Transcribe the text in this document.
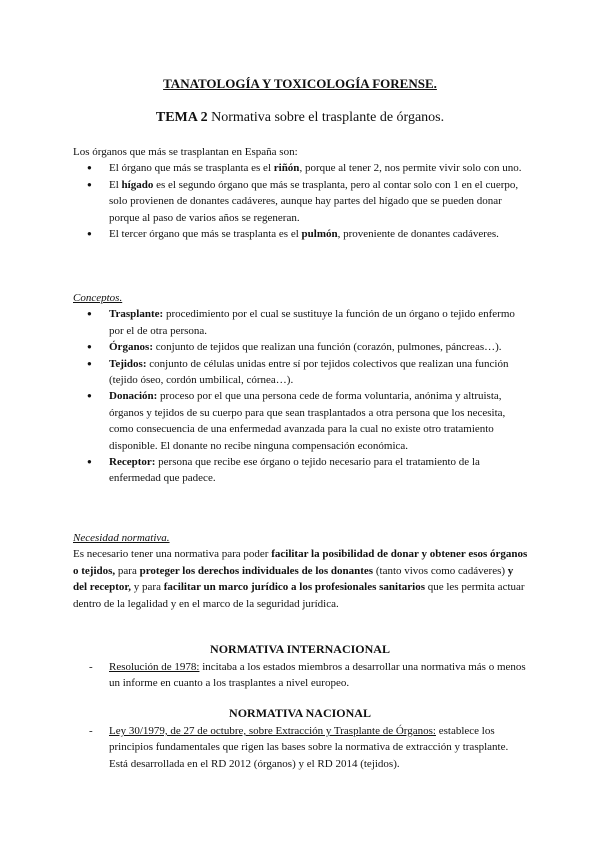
TANATOLOGÍA Y TOXICOLOGÍA FORENSE.
TEMA 2 Normativa sobre el trasplante de órganos.
Los órganos que más se trasplantan en España son:
● El órgano que más se trasplanta es el riñón, porque al tener 2, nos permite vivir solo con uno.
● El hígado es el segundo órgano que más se trasplanta, pero al contar solo con 1 en el cuerpo, solo provienen de donantes cadáveres, aunque hay partes del hígado que se pueden donar porque al paso de varios años se regeneran.
● El tercer órgano que más se trasplanta es el pulmón, proveniente de donantes cadáveres.
Conceptos.
● Trasplante: procedimiento por el cual se sustituye la función de un órgano o tejido enfermo por el de otra persona.
● Órganos: conjunto de tejidos que realizan una función (corazón, pulmones, páncreas…).
● Tejidos: conjunto de células unidas entre sí por tejidos colectivos que realizan una función (tejido óseo, cordón umbilical, córnea…).
● Donación: proceso por el que una persona cede de forma voluntaria, anónima y altruista, órganos y tejidos de su cuerpo para que sean trasplantados a otra persona que los necesita, como consecuencia de una enfermedad avanzada para la cual no existe otro tratamiento disponible. El donante no recibe ninguna compensación económica.
● Receptor: persona que recibe ese órgano o tejido necesario para el tratamiento de la enfermedad que padece.
Necesidad normativa.
Es necesario tener una normativa para poder facilitar la posibilidad de donar y obtener esos órganos o tejidos, para proteger los derechos individuales de los donantes (tanto vivos como cadáveres) y del receptor, y para facilitar un marco jurídico a los profesionales sanitarios que les permita actuar dentro de la legalidad y en el marco de la seguridad jurídica.
NORMATIVA INTERNACIONAL
- Resolución de 1978: incitaba a los estados miembros a desarrollar una normativa más o menos un informe en cuanto a los trasplantes a nivel europeo.
NORMATIVA NACIONAL
- Ley 30/1979, de 27 de octubre, sobre Extracción y Trasplante de Órganos: establece los principios fundamentales que rigen las bases sobre la normativa de extracción y trasplante. Está desarrollada en el RD 2012 (órganos) y el RD 2014 (tejidos).
